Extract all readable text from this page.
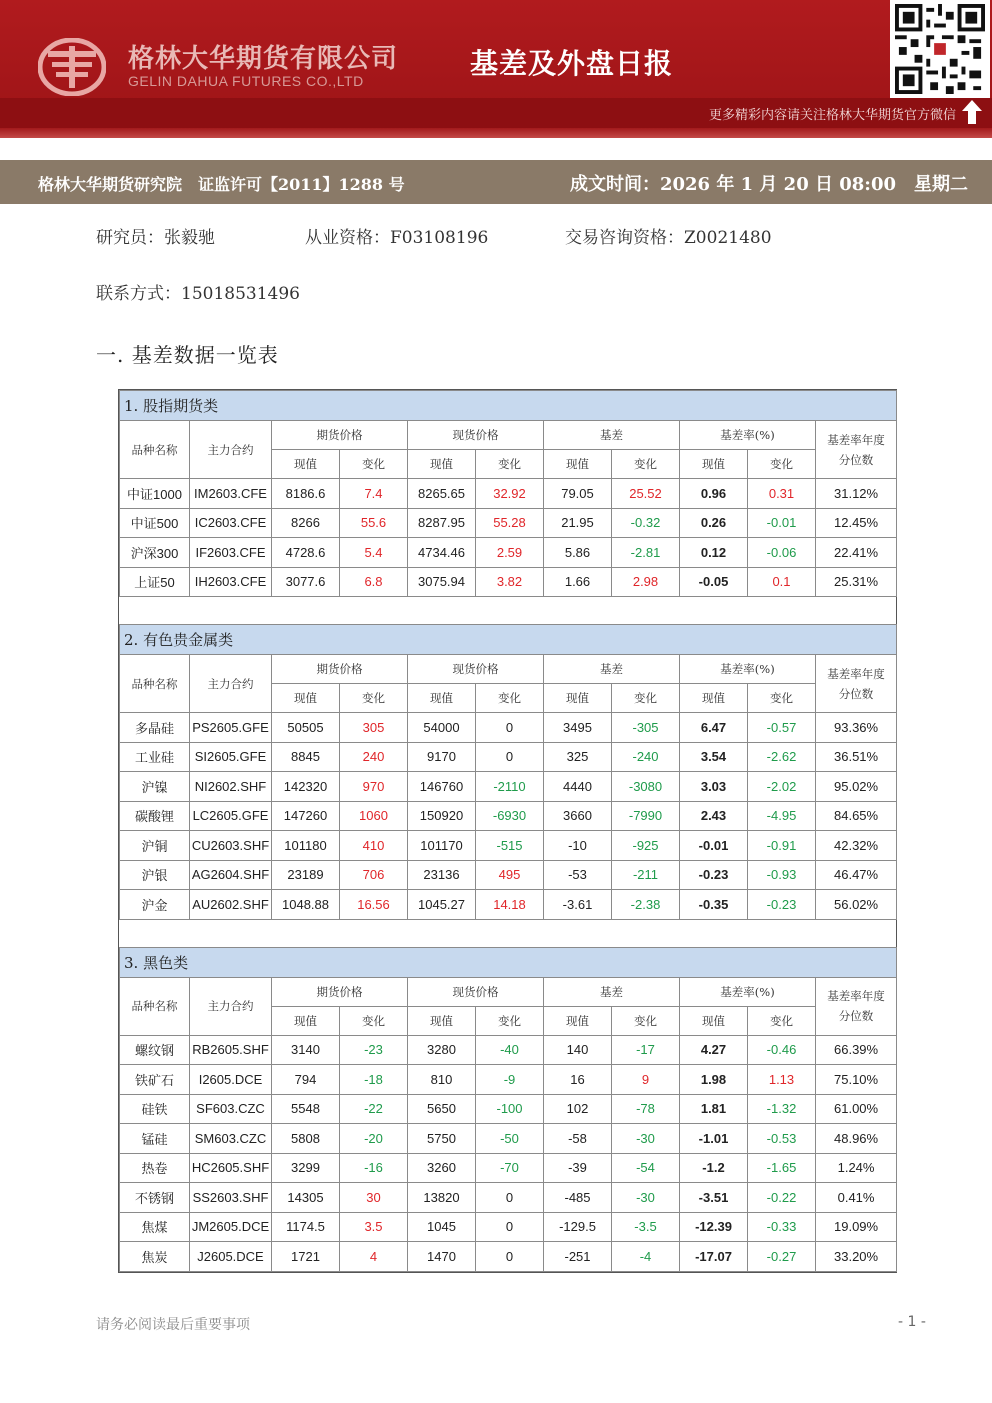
格林大华期货有限公司
GELIN DAHUA FUTURES CO.,LTD
基差及外盘日报
更多精彩内容请关注格林大华期货官方微信
格林大华期货研究院　证监许可【2011】1288 号	成文时间：2026 年 1 月 20 日 08:00　星期二
研究员：张毅驰	从业资格：F03108196	交易咨询资格：Z0021480
联系方式：15018531496
一. 基差数据一览表
1. 股指期货类										
品种名称	主力合约	期货价格		现货价格		基差		基差率(%)		基差率年度分位数
		现值	变化	现值	变化	现值	变化	现值	变化	
中证1000	IM2603.CFE	8186.6	7.4	8265.65	32.92	79.05	25.52	0.96	0.31	31.12%
中证500	IC2603.CFE	8266	55.6	8287.95	55.28	21.95	-0.32	0.26	-0.01	12.45%
沪深300	IF2603.CFE	4728.6	5.4	4734.46	2.59	5.86	-2.81	0.12	-0.06	22.41%
上证50	IH2603.CFE	3077.6	6.8	3075.94	3.82	1.66	2.98	-0.05	0.1	25.31%

2. 有色贵金属类										
品种名称	主力合约	期货价格		现货价格		基差		基差率(%)		基差率年度分位数
		现值	变化	现值	变化	现值	变化	现值	变化	
多晶硅	PS2605.GFE	50505	305	54000	0	3495	-305	6.47	-0.57	93.36%
工业硅	SI2605.GFE	8845	240	9170	0	325	-240	3.54	-2.62	36.51%
沪镍	NI2602.SHF	142320	970	146760	-2110	4440	-3080	3.03	-2.02	95.02%
碳酸锂	LC2605.GFE	147260	1060	150920	-6930	3660	-7990	2.43	-4.95	84.65%
沪铜	CU2603.SHF	101180	410	101170	-515	-10	-925	-0.01	-0.91	42.32%
沪银	AG2604.SHF	23189	706	23136	495	-53	-211	-0.23	-0.93	46.47%
沪金	AU2602.SHF	1048.88	16.56	1045.27	14.18	-3.61	-2.38	-0.35	-0.23	56.02%

3. 黑色类										
品种名称	主力合约	期货价格		现货价格		基差		基差率(%)		基差率年度分位数
		现值	变化	现值	变化	现值	变化	现值	变化	
螺纹钢	RB2605.SHF	3140	-23	3280	-40	140	-17	4.27	-0.46	66.39%
铁矿石	I2605.DCE	794	-18	810	-9	16	9	1.98	1.13	75.10%
硅铁	SF603.CZC	5548	-22	5650	-100	102	-78	1.81	-1.32	61.00%
锰硅	SM603.CZC	5808	-20	5750	-50	-58	-30	-1.01	-0.53	48.96%
热卷	HC2605.SHF	3299	-16	3260	-70	-39	-54	-1.2	-1.65	1.24%
不锈钢	SS2603.SHF	14305	30	13820	0	-485	-30	-3.51	-0.22	0.41%
焦煤	JM2605.DCE	1174.5	3.5	1045	0	-129.5	-3.5	-12.39	-0.33	19.09%
焦炭	J2605.DCE	1721	4	1470	0	-251	-4	-17.07	-0.27	33.20%
请务必阅读最后重要事项	- 1 -
